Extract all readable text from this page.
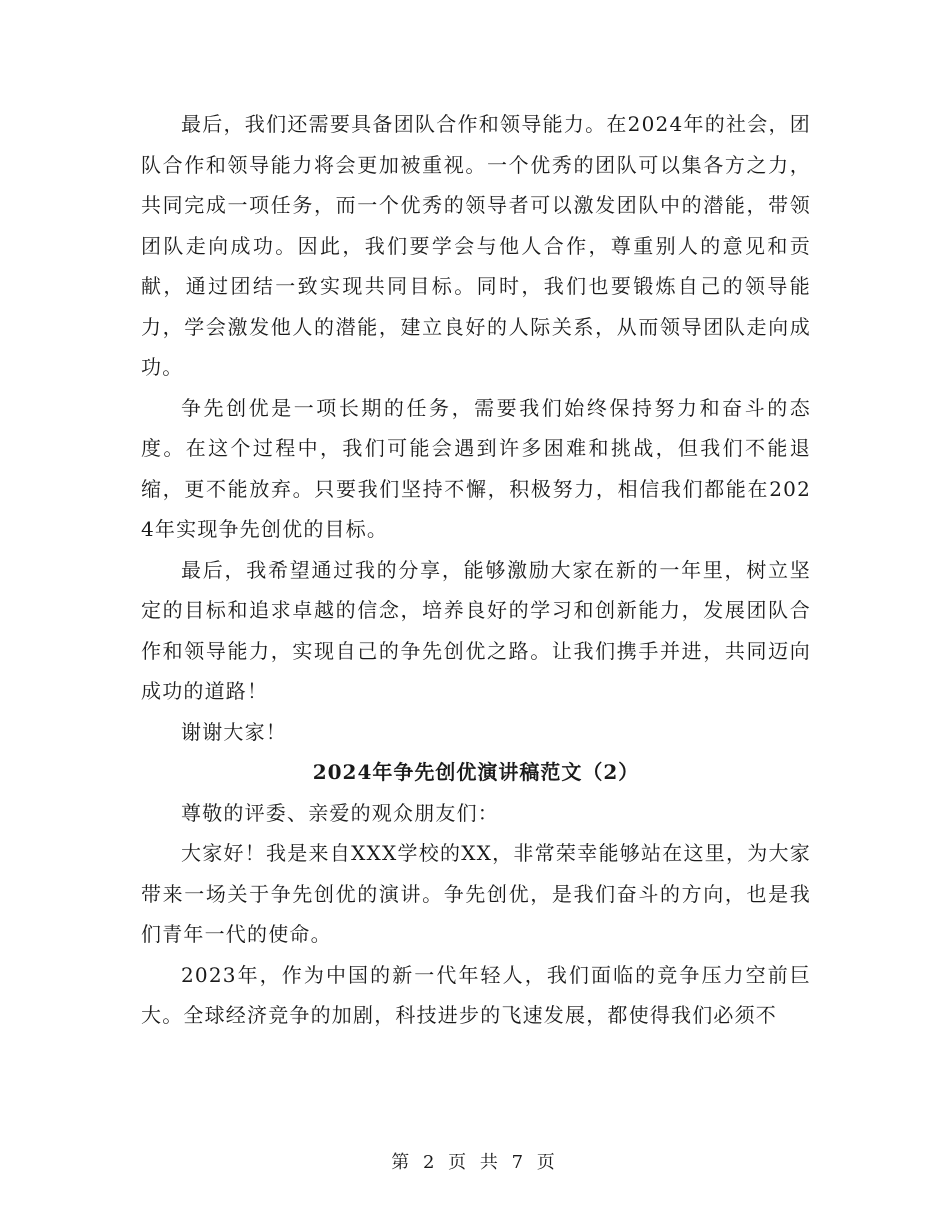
最后，我们还需要具备团队合作和领导能力。在2024年的社会，团队合作和领导能力将会更加被重视。一个优秀的团队可以集各方之力，共同完成一项任务，而一个优秀的领导者可以激发团队中的潜能，带领团队走向成功。因此，我们要学会与他人合作，尊重别人的意见和贡献，通过团结一致实现共同目标。同时，我们也要锻炼自己的领导能力，学会激发他人的潜能，建立良好的人际关系，从而领导团队走向成功。

争先创优是一项长期的任务，需要我们始终保持努力和奋斗的态度。在这个过程中，我们可能会遇到许多困难和挑战，但我们不能退缩，更不能放弃。只要我们坚持不懈，积极努力，相信我们都能在2024年实现争先创优的目标。

最后，我希望通过我的分享，能够激励大家在新的一年里，树立坚定的目标和追求卓越的信念，培养良好的学习和创新能力，发展团队合作和领导能力，实现自己的争先创优之路。让我们携手并进，共同迈向成功的道路！

谢谢大家！

2024年争先创优演讲稿范文（2）

尊敬的评委、亲爱的观众朋友们：

大家好！我是来自XXX学校的XX，非常荣幸能够站在这里，为大家带来一场关于争先创优的演讲。争先创优，是我们奋斗的方向，也是我们青年一代的使命。

2023年，作为中国的新一代年轻人，我们面临的竞争压力空前巨大。全球经济竞争的加剧，科技进步的飞速发展，都使得我们必须不

第 2 页 共 7 页
